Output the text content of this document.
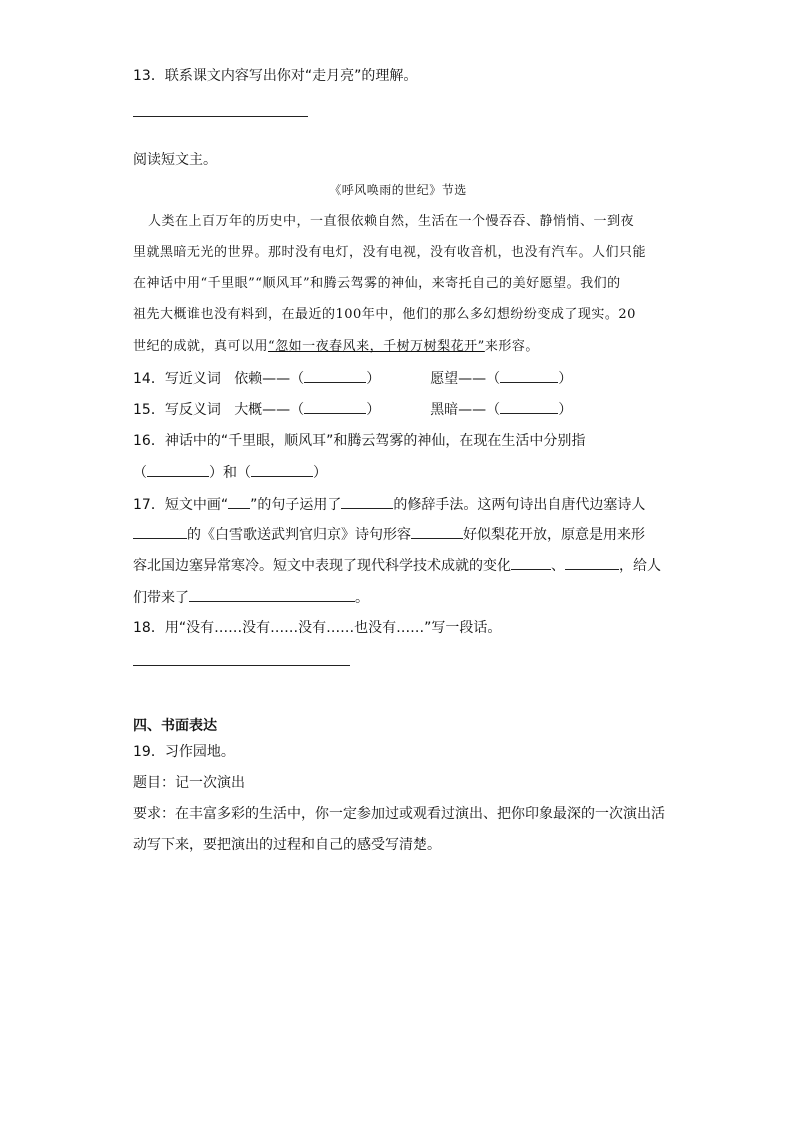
13．联系课文内容写出你对“走月亮”的理解。
阅读短文主。
《呼风唤雨的世纪》节选
人类在上百万年的历史中，一直很依赖自然，生活在一个慢吞吞、静悄悄、一到夜
里就黑暗无光的世界。那时没有电灯，没有电视，没有收音机，也没有汽车。人们只能
在神话中用“千里眼”“顺风耳”和腾云驾雾的神仙，来寄托自己的美好愿望。我们的
祖先大概谁也没有料到，在最近的100年中，他们的那么多幻想纷纷变成了现实。20
世纪的成就，真可以用“忽如一夜春风来，千树万树梨花开”来形容。
14．写近义词 依赖——（	）	愿望——（	）
15．写反义词 大概——（	）	黑暗——（	）
16．神话中的“千里眼，顺风耳”和腾云驾雾的神仙，在现在生活中分别指
（	）和（	）
17．短文中画“ ”的句子运用了	的修辞手法。这两句诗出自唐代边塞诗人
的《白雪歌送武判官归京》诗句形容	好似梨花开放，原意是用来形
容北国边塞异常寒冷。短文中表现了现代科学技术成就的变化	、	，给人
们带来了	。
18．用“没有……没有……没有……也没有……”写一段话。
四、书面表达
19．习作园地。
题目：记一次演出
要求：在丰富多彩的生活中，你一定参加过或观看过演出、把你印象最深的一次演出活
动写下来，要把演出的过程和自己的感受写清楚。
